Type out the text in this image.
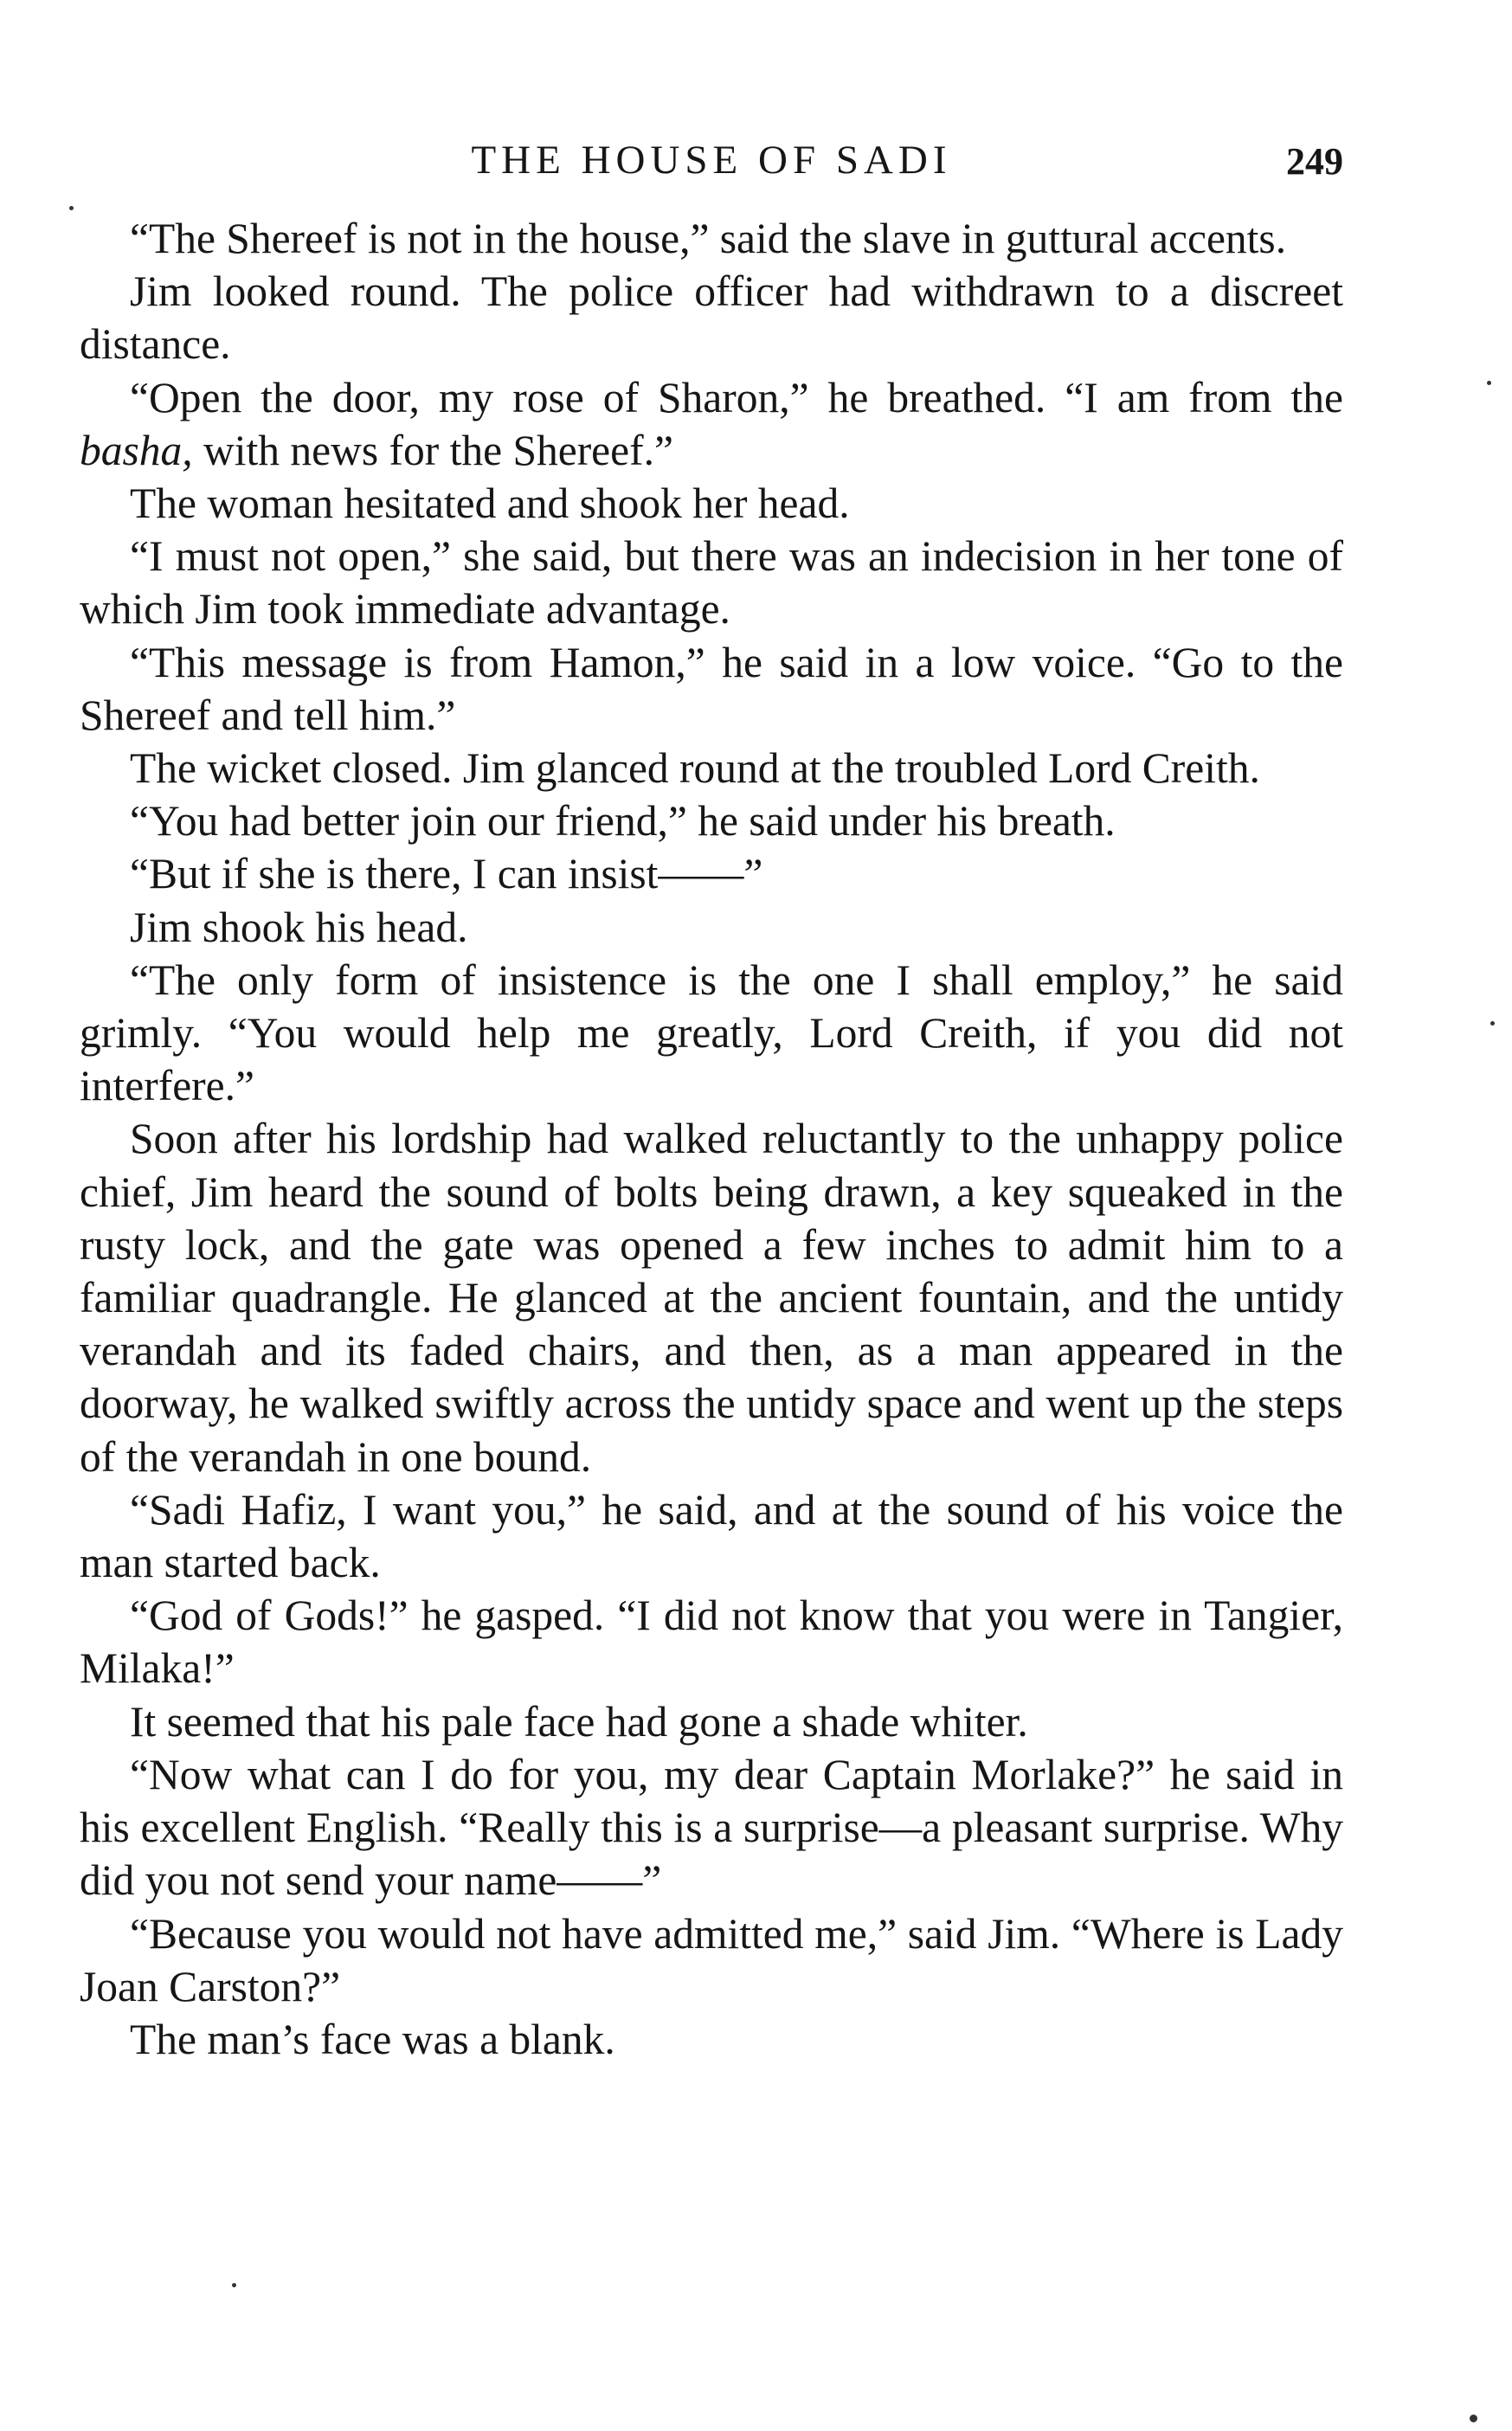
THE HOUSE OF SADI	249

“The Shereef is not in the house,” said the slave in guttural accents.

Jim looked round. The police officer had withdrawn to a discreet distance.

“Open the door, my rose of Sharon,” he breathed. “I am from the basha, with news for the Shereef.”

The woman hesitated and shook her head.

“I must not open,” she said, but there was an indecision in her tone of which Jim took immediate advantage.

“This message is from Hamon,” he said in a low voice. “Go to the Shereef and tell him.”

The wicket closed. Jim glanced round at the troubled Lord Creith.

“You had better join our friend,” he said under his breath.

“But if she is there, I can insist——”

Jim shook his head.

“The only form of insistence is the one I shall employ,” he said grimly. “You would help me greatly, Lord Creith, if you did not interfere.”

Soon after his lordship had walked reluctantly to the unhappy police chief, Jim heard the sound of bolts being drawn, a key squeaked in the rusty lock, and the gate was opened a few inches to admit him to a familiar quadrangle. He glanced at the ancient fountain, and the untidy verandah and its faded chairs, and then, as a man appeared in the doorway, he walked swiftly across the untidy space and went up the steps of the verandah in one bound.

“Sadi Hafiz, I want you,” he said, and at the sound of his voice the man started back.

“God of Gods!” he gasped. “I did not know that you were in Tangier, Milaka!”

It seemed that his pale face had gone a shade whiter.

“Now what can I do for you, my dear Captain Morlake?” he said in his excellent English. “Really this is a surprise—a pleasant surprise. Why did you not send your name——”

“Because you would not have admitted me,” said Jim. “Where is Lady Joan Carston?”

The man’s face was a blank.
